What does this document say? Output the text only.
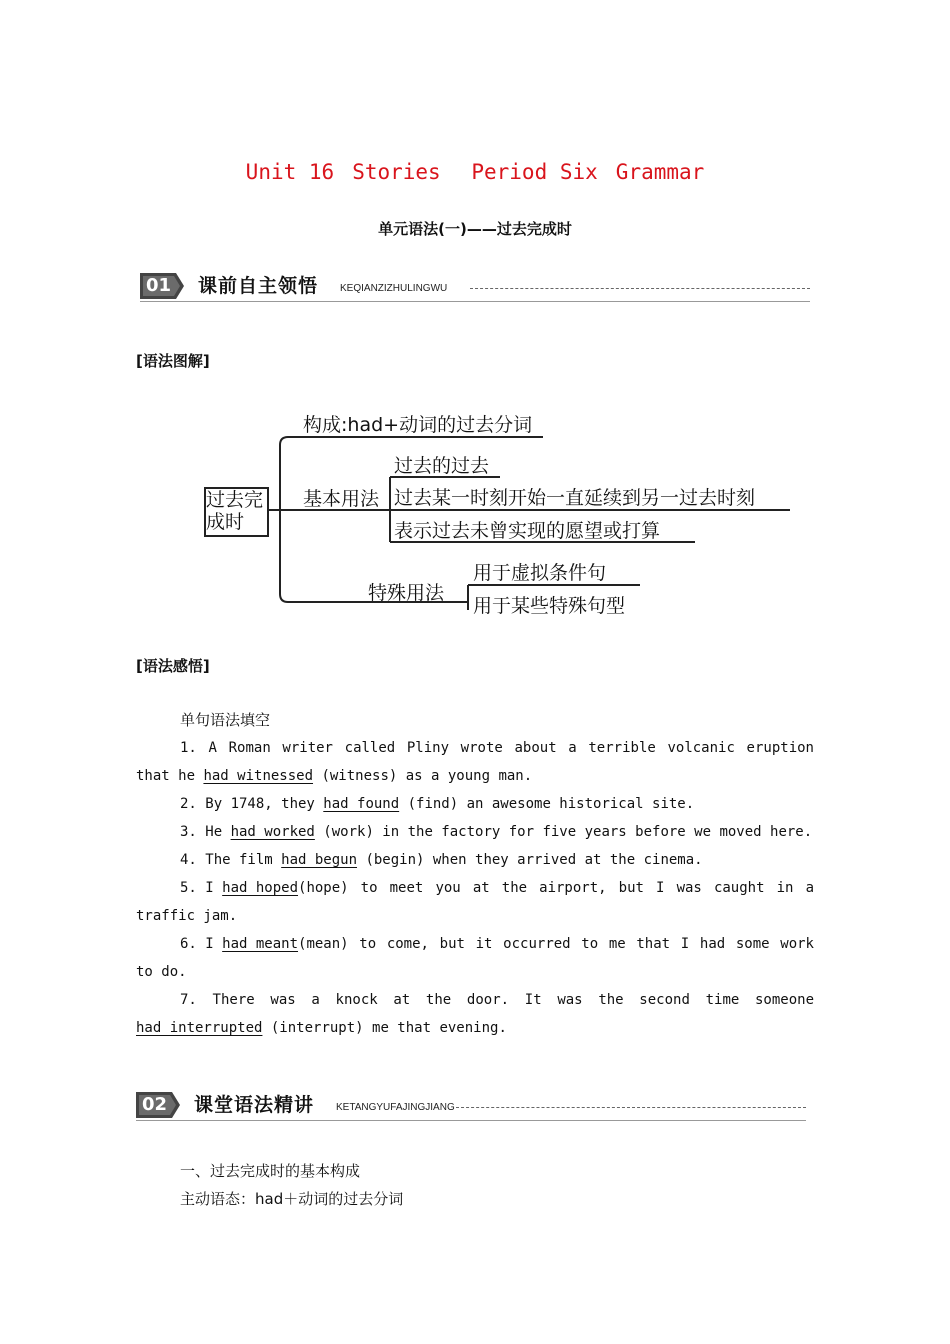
Unit 16 Stories Period Six Grammar
单元语法(一)——过去完成时
01 课前自主领悟 KEQIANZIZHULINGWU
[语法图解]
过去完成时
构成:had+动词的过去分词
基本用法
过去的过去
过去某一时刻开始一直延续到另一过去时刻
表示过去未曾实现的愿望或打算
特殊用法
用于虚拟条件句
用于某些特殊句型
[语法感悟]
单句语法填空
1. A Roman writer called Pliny wrote about a terrible volcanic eruption
that he had witnessed (witness) as a young man.
2. By 1748, they had found (find) an awesome historical site.
3. He had worked (work) in the factory for five years before we moved here.
4. The film had begun (begin) when they arrived at the cinema.
5. I had hoped (hope) to meet you at the airport, but I was caught in a
traffic jam.
6. I had meant (mean) to come, but it occurred to me that I had some work
to do.
7. There was a knock at the door. It was the second time someone
had interrupted (interrupt) me that evening.
02 课堂语法精讲 KETANGYUFAJINGJIANG
一、过去完成时的基本构成
主动语态：had＋动词的过去分词
